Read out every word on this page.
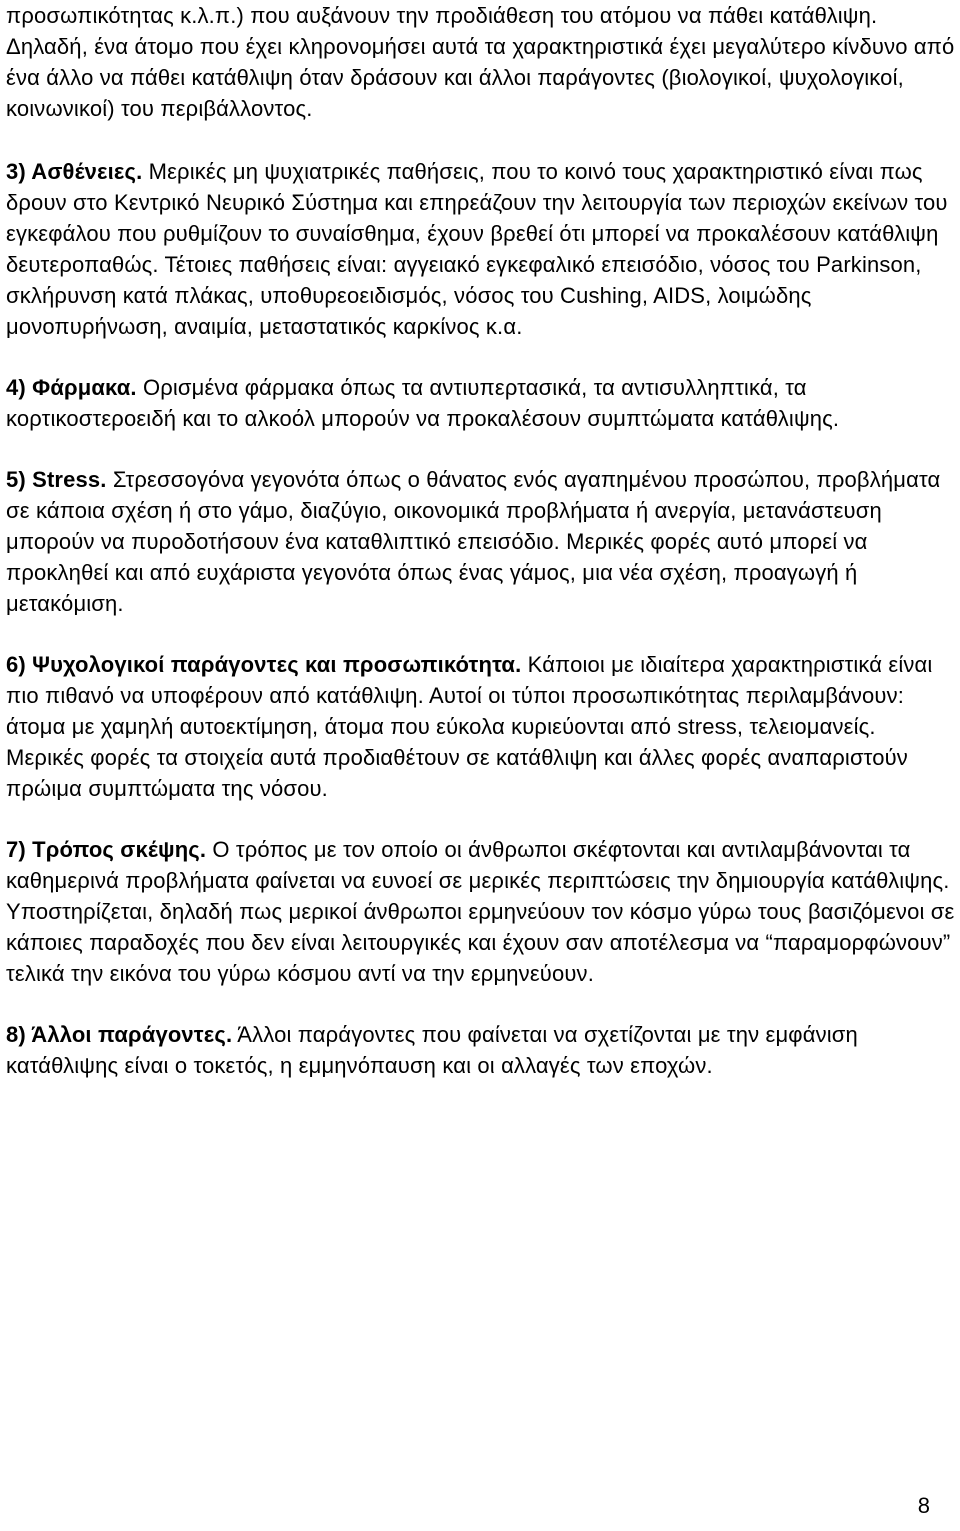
προσωπικότητας κ.λ.π.) που αυξάνουν την προδιάθεση του ατόμου να πάθει κατάθλιψη. Δηλαδή, ένα άτομο που έχει κληρονομήσει αυτά τα χαρακτηριστικά έχει μεγαλύτερο κίνδυνο από ένα άλλο να πάθει κατάθλιψη όταν δράσουν και άλλοι παράγοντες (βιολογικοί, ψυχολογικοί, κοινωνικοί) του περιβάλλοντος.

3) Ασθένειες. Μερικές μη ψυχιατρικές παθήσεις, που το κοινό τους χαρακτηριστικό είναι πως δρουν στο Κεντρικό Νευρικό Σύστημα και επηρεάζουν την λειτουργία των περιοχών εκείνων του εγκεφάλου που ρυθμίζουν το συναίσθημα, έχουν βρεθεί ότι μπορεί να προκαλέσουν κατάθλιψη δευτεροπαθώς. Τέτοιες παθήσεις είναι: αγγειακό εγκεφαλικό επεισόδιο, νόσος του Parkinson, σκλήρυνση κατά πλάκας, υποθυρεοειδισμός, νόσος του Cushing, AIDS, λοιμώδης μονοπυρήνωση, αναιμία, μεταστατικός καρκίνος κ.α.

4) Φάρμακα. Ορισμένα φάρμακα όπως τα αντιυπερτασικά, τα αντισυλληπτικά, τα κορτικοστεροειδή και το αλκοόλ μπορούν να προκαλέσουν συμπτώματα κατάθλιψης.

5) Stress. Στρεσσογόνα γεγονότα όπως ο θάνατος ενός αγαπημένου προσώπου, προβλήματα σε κάποια σχέση ή στο γάμο, διαζύγιο, οικονομικά προβλήματα ή ανεργία, μετανάστευση μπορούν να πυροδοτήσουν ένα καταθλιπτικό επεισόδιο. Μερικές φορές αυτό μπορεί να προκληθεί και από ευχάριστα γεγονότα όπως ένας γάμος, μια νέα σχέση, προαγωγή ή μετακόμιση.

6) Ψυχολογικοί παράγοντες και προσωπικότητα. Κάποιοι με ιδιαίτερα χαρακτηριστικά είναι πιο πιθανό να υποφέρουν από κατάθλιψη. Αυτοί οι τύποι προσωπικότητας περιλαμβάνουν: άτομα με χαμηλή αυτοεκτίμηση, άτομα που εύκολα κυριεύονται από stress, τελειομανείς. Μερικές φορές τα στοιχεία αυτά προδιαθέτουν σε κατάθλιψη και άλλες φορές αναπαριστούν πρώιμα συμπτώματα της νόσου.

7) Τρόπος σκέψης. Ο τρόπος με τον οποίο οι άνθρωποι σκέφτονται και αντιλαμβάνονται τα καθημερινά προβλήματα φαίνεται να ευνοεί σε μερικές περιπτώσεις την δημιουργία κατάθλιψης. Υποστηρίζεται, δηλαδή πως μερικοί άνθρωποι ερμηνεύουν τον κόσμο γύρω τους βασιζόμενοι σε κάποιες παραδοχές που δεν είναι λειτουργικές και έχουν σαν αποτέλεσμα να “παραμορφώνουν” τελικά την εικόνα του γύρω κόσμου αντί να την ερμηνεύουν.

8) Άλλοι παράγοντες. Άλλοι παράγοντες που φαίνεται να σχετίζονται με την εμφάνιση κατάθλιψης είναι ο τοκετός, η εμμηνόπαυση και οι αλλαγές των εποχών.

8
